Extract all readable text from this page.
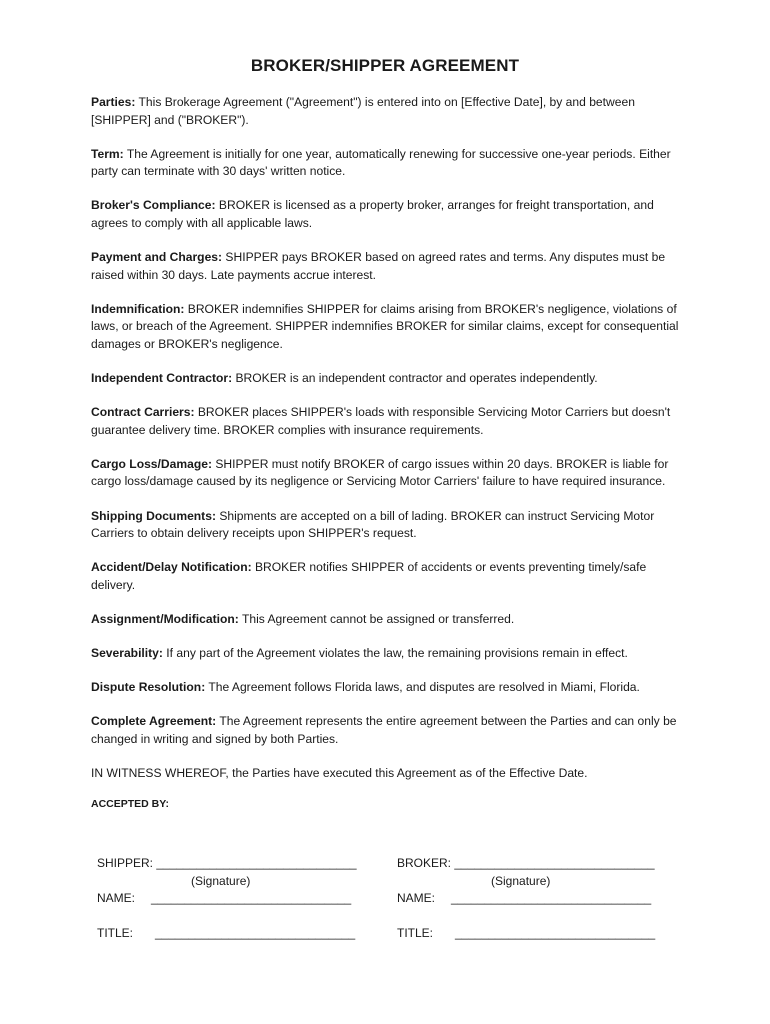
BROKER/SHIPPER AGREEMENT

Parties: This Brokerage Agreement ("Agreement") is entered into on [Effective Date], by and between [SHIPPER] and ("BROKER").

Term: The Agreement is initially for one year, automatically renewing for successive one-year periods. Either party can terminate with 30 days' written notice.

Broker's Compliance: BROKER is licensed as a property broker, arranges for freight transportation, and agrees to comply with all applicable laws.

Payment and Charges: SHIPPER pays BROKER based on agreed rates and terms. Any disputes must be raised within 30 days. Late payments accrue interest.

Indemnification: BROKER indemnifies SHIPPER for claims arising from BROKER's negligence, violations of laws, or breach of the Agreement. SHIPPER indemnifies BROKER for similar claims, except for consequential damages or BROKER's negligence.

Independent Contractor: BROKER is an independent contractor and operates independently.

Contract Carriers: BROKER places SHIPPER's loads with responsible Servicing Motor Carriers but doesn't guarantee delivery time. BROKER complies with insurance requirements.

Cargo Loss/Damage: SHIPPER must notify BROKER of cargo issues within 20 days. BROKER is liable for cargo loss/damage caused by its negligence or Servicing Motor Carriers' failure to have required insurance.

Shipping Documents: Shipments are accepted on a bill of lading. BROKER can instruct Servicing Motor Carriers to obtain delivery receipts upon SHIPPER's request.

Accident/Delay Notification: BROKER notifies SHIPPER of accidents or events preventing timely/safe delivery.

Assignment/Modification: This Agreement cannot be assigned or transferred.

Severability: If any part of the Agreement violates the law, the remaining provisions remain in effect.

Dispute Resolution: The Agreement follows Florida laws, and disputes are resolved in Miami, Florida.

Complete Agreement: The Agreement represents the entire agreement between the Parties and can only be changed in writing and signed by both Parties.

IN WITNESS WHEREOF, the Parties have executed this Agreement as of the Effective Date.

ACCEPTED BY:

SHIPPER: ______________________________
(Signature)
NAME: ______________________________
TITLE: ______________________________
BROKER: ______________________________
(Signature)
NAME: ______________________________
TITLE: ______________________________
